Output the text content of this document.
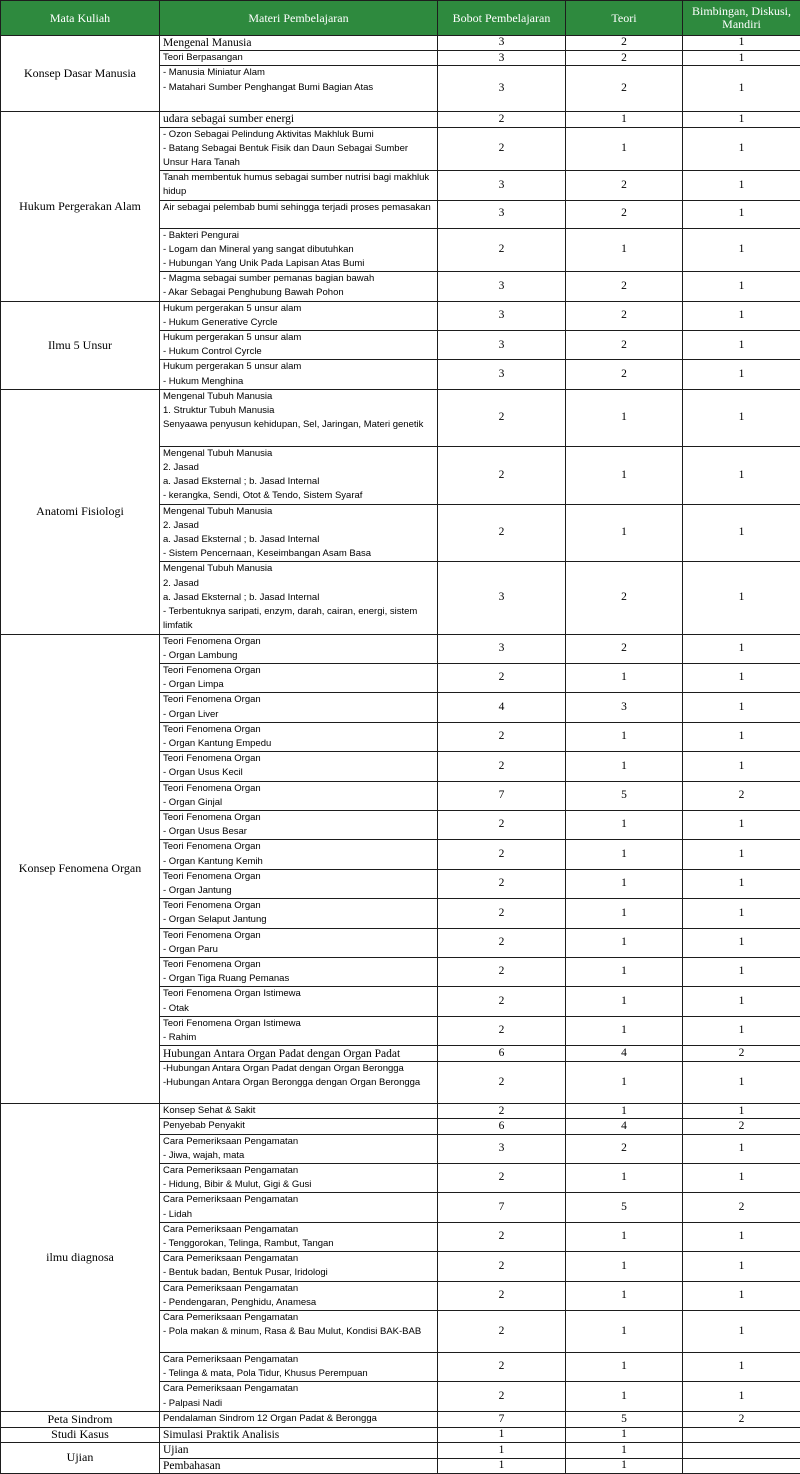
Mata Kuliah	Materi Pembelajaran	Bobot Pembelajaran	Teori	Bimbingan, Diskusi, Mandiri
Konsep Dasar Manusia	Mengenal Manusia	3	2	1
	Teori Berpasangan	3	2	1
	- Manusia Miniatur Alam
- Matahari Sumber Penghangat Bumi Bagian Atas	3	2	1
Hukum Pergerakan Alam	udara sebagai sumber energi	2	1	1
	- Ozon Sebagai Pelindung Aktivitas Makhluk Bumi
- Batang Sebagai Bentuk Fisik dan Daun Sebagai Sumber Unsur Hara Tanah	2	1	1
	Tanah membentuk humus sebagai sumber nutrisi bagi makhluk hidup	3	2	1
	Air sebagai pelembab bumi sehingga terjadi proses pemasakan	3	2	1
	- Bakteri Pengurai
- Logam dan Mineral yang sangat dibutuhkan
- Hubungan Yang Unik Pada Lapisan Atas Bumi	2	1	1
	- Magma sebagai sumber pemanas bagian bawah
- Akar Sebagai Penghubung Bawah Pohon	3	2	1
Ilmu 5 Unsur	Hukum pergerakan 5 unsur alam
- Hukum Generative Cyrcle	3	2	1
	Hukum pergerakan 5 unsur alam
- Hukum Control Cyrcle	3	2	1
	Hukum pergerakan 5 unsur alam
- Hukum Menghina	3	2	1
Anatomi Fisiologi	Mengenal Tubuh Manusia
1. Struktur Tubuh Manusia
Senyaawa penyusun kehidupan, Sel, Jaringan, Materi genetik	2	1	1
	Mengenal Tubuh Manusia
2. Jasad
a. Jasad Eksternal ; b. Jasad Internal
- kerangka, Sendi, Otot & Tendo, Sistem Syaraf	2	1	1
	Mengenal Tubuh Manusia
2. Jasad
a. Jasad Eksternal ; b. Jasad Internal
- Sistem Pencernaan, Keseimbangan Asam Basa	2	1	1
	Mengenal Tubuh Manusia
2. Jasad
a. Jasad Eksternal ; b. Jasad Internal
- Terbentuknya saripati, enzym, darah, cairan, energi, sistem limfatik	3	2	1
Konsep Fenomena Organ	Teori Fenomena Organ
- Organ Lambung	3	2	1
	Teori Fenomena Organ
- Organ Limpa	2	1	1
	Teori Fenomena Organ
- Organ Liver	4	3	1
	Teori Fenomena Organ
- Organ Kantung Empedu	2	1	1
	Teori Fenomena Organ
- Organ Usus Kecil	2	1	1
	Teori Fenomena Organ
- Organ Ginjal	7	5	2
	Teori Fenomena Organ
- Organ Usus Besar	2	1	1
	Teori Fenomena Organ
- Organ Kantung Kemih	2	1	1
	Teori Fenomena Organ
- Organ Jantung	2	1	1
	Teori Fenomena Organ
- Organ Selaput Jantung	2	1	1
	Teori Fenomena Organ
- Organ Paru	2	1	1
	Teori Fenomena Organ
- Organ Tiga Ruang Pemanas	2	1	1
	Teori Fenomena Organ Istimewa
- Otak	2	1	1
	Teori Fenomena Organ Istimewa
- Rahim	2	1	1
	Hubungan Antara Organ Padat dengan Organ Padat	6	4	2
	-Hubungan Antara Organ Padat dengan Organ Berongga
-Hubungan Antara Organ Berongga dengan Organ Berongga	2	1	1
ilmu diagnosa	Konsep Sehat & Sakit	2	1	1
	Penyebab Penyakit	6	4	2
	Cara Pemeriksaan Pengamatan
- Jiwa, wajah, mata	3	2	1
	Cara Pemeriksaan Pengamatan
- Hidung, Bibir & Mulut, Gigi & Gusi	2	1	1
	Cara Pemeriksaan Pengamatan
- Lidah	7	5	2
	Cara Pemeriksaan Pengamatan
- Tenggorokan, Telinga, Rambut, Tangan	2	1	1
	Cara Pemeriksaan Pengamatan
- Bentuk badan, Bentuk Pusar, Iridologi	2	1	1
	Cara Pemeriksaan Pengamatan
- Pendengaran, Penghidu, Anamesa	2	1	1
	Cara Pemeriksaan Pengamatan
- Pola makan & minum, Rasa & Bau Mulut, Kondisi BAK-BAB	2	1	1
	Cara Pemeriksaan Pengamatan
- Telinga & mata, Pola Tidur, Khusus Perempuan	2	1	1
	Cara Pemeriksaan Pengamatan
- Palpasi Nadi	2	1	1
Peta Sindrom	Pendalaman Sindrom 12 Organ Padat & Berongga	7	5	2
Studi Kasus	Simulasi Praktik Analisis	1	1	
Ujian	Ujian	1	1	
	Pembahasan	1	1	
